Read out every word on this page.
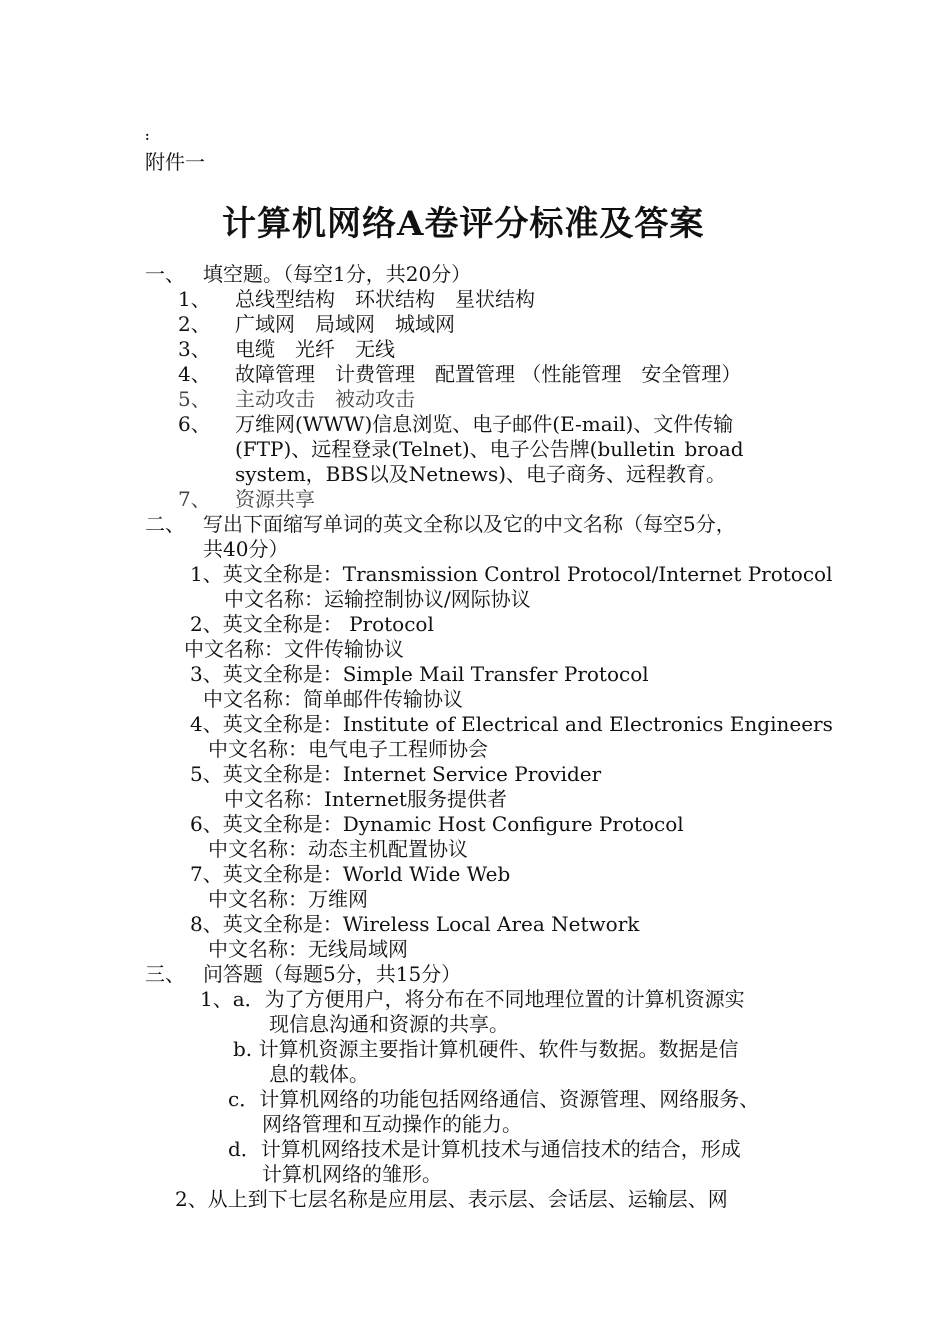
:
附件一
计算机网络A卷评分标准及答案
一、 填空题。（每空1分，共20分）
1、 总线型结构　环状结构　星状结构
2、 广域网　局域网　城域网
3、 电缆　光纤　无线
4、 故障管理　计费管理　配置管理 （性能管理　安全管理）
5、 主动攻击　被动攻击
6、 万维网(WWW)信息浏览、电子邮件(E-mail)、文件传输
(FTP)、远程登录(Telnet)、电子公告牌(bulletin broad
system，BBS以及Netnews)、电子商务、远程教育。
7、 资源共享
二、 写出下面缩写单词的英文全称以及它的中文名称（每空5分，
共40分）
1、英文全称是：Transmission Control Protocol/Internet Protocol
中文名称：运输控制协议/网际协议
2、英文全称是： Protocol
中文名称：文件传输协议
3、英文全称是：Simple Mail Transfer Protocol
中文名称：简单邮件传输协议
4、英文全称是：Institute of Electrical and Electronics Engineers
中文名称：电气电子工程师协会
5、英文全称是：Internet Service Provider
中文名称：Internet服务提供者
6、英文全称是：Dynamic Host Configure Protocol
中文名称：动态主机配置协议
7、英文全称是：World Wide Web
中文名称：万维网
8、英文全称是：Wireless Local Area Network
中文名称：无线局域网
三、 问答题（每题5分，共15分）
1、a．为了方便用户，将分布在不同地理位置的计算机资源实
现信息沟通和资源的共享。
b. 计算机资源主要指计算机硬件、软件与数据。数据是信
息的载体。
c．计算机网络的功能包括网络通信、资源管理、网络服务、
网络管理和互动操作的能力。
d．计算机网络技术是计算机技术与通信技术的结合，形成
计算机网络的雏形。
2、从上到下七层名称是应用层、表示层、会话层、运输层、网
